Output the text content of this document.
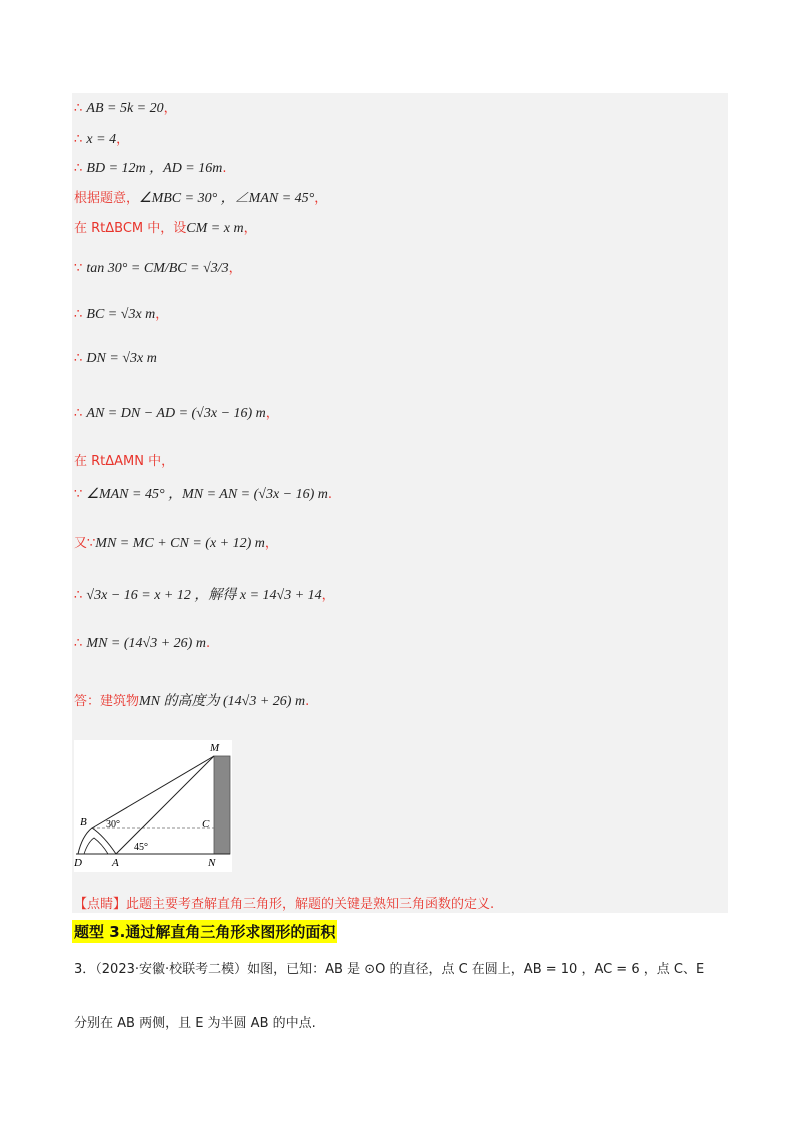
∴ AB = 5k = 20，
∴ x = 4，
∴ BD = 12m ，AD = 16m.
根据题意，∠MBC = 30° ，∠MAN = 45°，
在 RtΔBCM 中，设CM = x m，
∵ tan 30° = CM/BC = √3/3，
∴ BC = √3x m，
∴ DN = √3x m
∴ AN = DN − AD = (√3x − 16) m，
在 RtΔAMN 中，
∵ ∠MAN = 45° ，MN = AN = (√3x − 16) m.
又∵MN = MC + CN = (x + 12) m，
∴ √3x − 16 = x + 12 ，解得 x = 14√3 + 14，
∴ MN = (14√3 + 26) m.
答：建筑物MN 的高度为 (14√3 + 26) m.
M
B	C
D	A	N
30°
45°
【点睛】此题主要考查解直角三角形，解题的关键是熟知三角函数的定义.
题型 3.通过解直角三角形求图形的面积
3．（2023·安徽·校联考二模）如图，已知：AB 是 ⊙O 的直径，点 C 在圆上，AB = 10 ，AC = 6 ，点 C、E
分别在 AB 两侧，且 E 为半圆 AB 的中点.
